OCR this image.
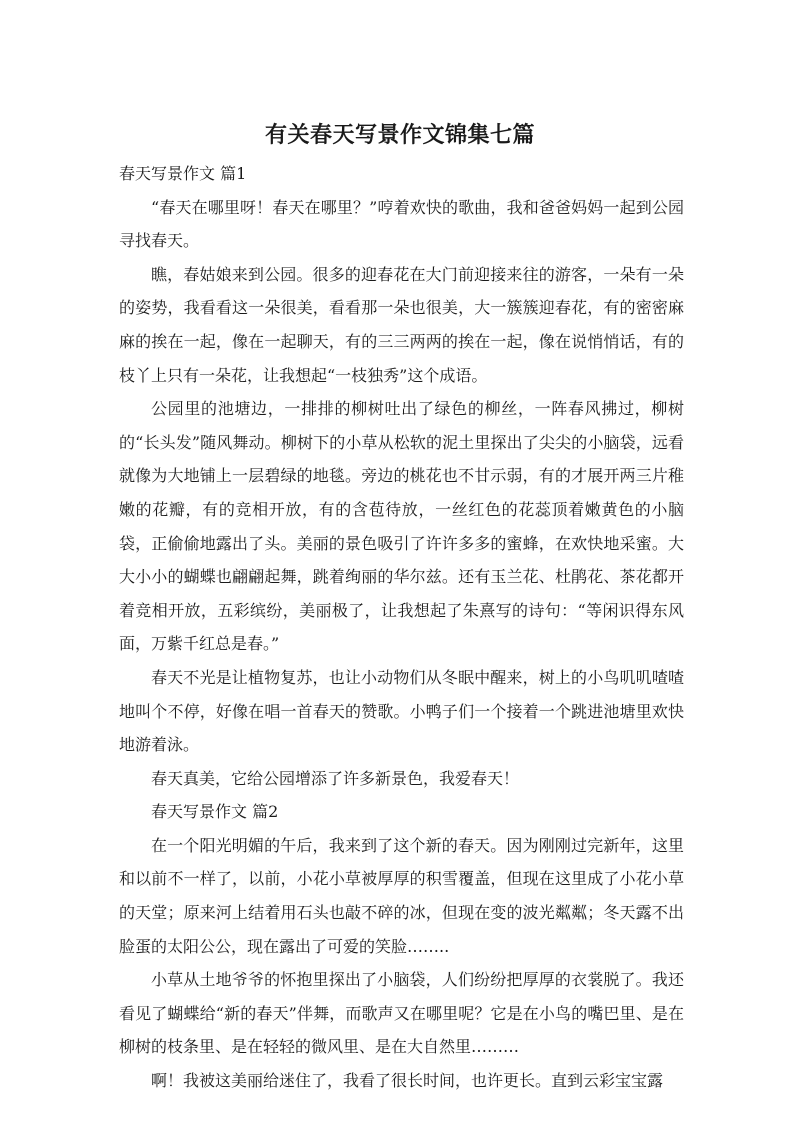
有关春天写景作文锦集七篇

春天写景作文 篇1

“春天在哪里呀！春天在哪里？”哼着欢快的歌曲，我和爸爸妈妈一起到公园寻找春天。

瞧，春姑娘来到公园。很多的迎春花在大门前迎接来往的游客，一朵有一朵的姿势，我看看这一朵很美，看看那一朵也很美，大一簇簇迎春花，有的密密麻麻的挨在一起，像在一起聊天，有的三三两两的挨在一起，像在说悄悄话，有的枝丫上只有一朵花，让我想起“一枝独秀”这个成语。

公园里的池塘边，一排排的柳树吐出了绿色的柳丝，一阵春风拂过，柳树的“长头发”随风舞动。柳树下的小草从松软的泥土里探出了尖尖的小脑袋，远看就像为大地铺上一层碧绿的地毯。旁边的桃花也不甘示弱，有的才展开两三片稚嫩的花瓣，有的竞相开放，有的含苞待放，一丝红色的花蕊顶着嫩黄色的小脑袋，正偷偷地露出了头。美丽的景色吸引了许许多多的蜜蜂，在欢快地采蜜。大大小小的蝴蝶也翩翩起舞，跳着绚丽的华尔兹。还有玉兰花、杜鹃花、茶花都开着竞相开放，五彩缤纷，美丽极了，让我想起了朱熹写的诗句：“等闲识得东风面，万紫千红总是春。”

春天不光是让植物复苏，也让小动物们从冬眠中醒来，树上的小鸟叽叽喳喳地叫个不停，好像在唱一首春天的赞歌。小鸭子们一个接着一个跳进池塘里欢快地游着泳。

春天真美，它给公园增添了许多新景色，我爱春天！

春天写景作文 篇2

在一个阳光明媚的午后，我来到了这个新的春天。因为刚刚过完新年，这里和以前不一样了，以前，小花小草被厚厚的积雪覆盖，但现在这里成了小花小草的天堂；原来河上结着用石头也敲不碎的冰，但现在变的波光粼粼；冬天露不出脸蛋的太阳公公，现在露出了可爱的笑脸……..

小草从土地爷爷的怀抱里探出了小脑袋，人们纷纷把厚厚的衣裳脱了。我还看见了蝴蝶给“新的春天”伴舞，而歌声又在哪里呢？它是在小鸟的嘴巴里、是在柳树的枝条里、是在轻轻的微风里、是在大自然里………

啊！我被这美丽给迷住了，我看了很长时间，也许更长。直到云彩宝宝露
